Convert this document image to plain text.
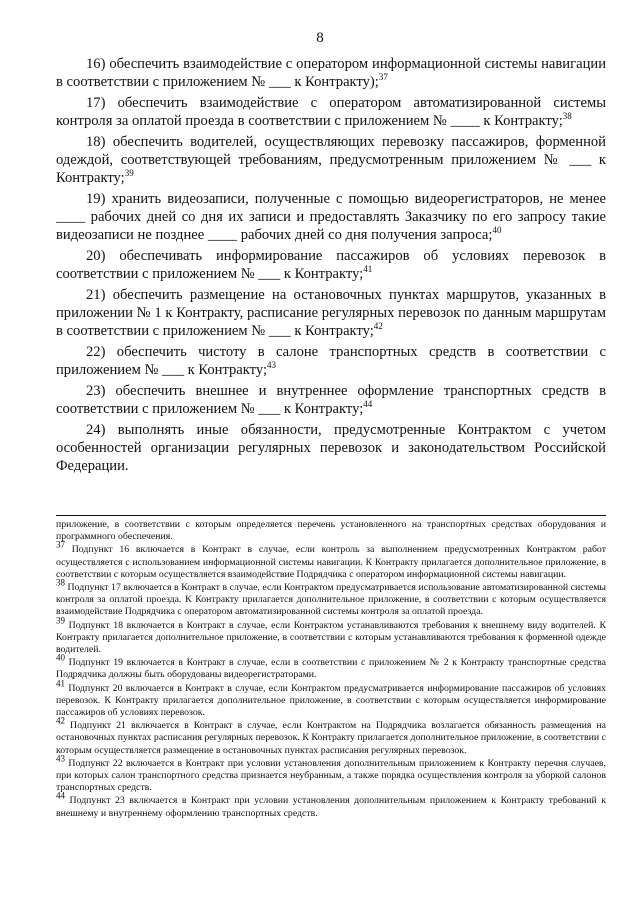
8

16) обеспечить взаимодействие с оператором информационной системы навигации в соответствии с приложением № ___ к Контракту);$^{37}$

17) обеспечить взаимодействие с оператором автоматизированной системы контроля за оплатой проезда в соответствии с приложением № ____ к Контракту;$^{38}$

18) обеспечить водителей, осуществляющих перевозку пассажиров, форменной одеждой, соответствующей требованиям, предусмотренным приложением № ___ к Контракту;$^{39}$

19) хранить видеозаписи, полученные с помощью видеорегистраторов, не менее ____ рабочих дней со дня их записи и предоставлять Заказчику по его запросу такие видеозаписи не позднее ____ рабочих дней со дня получения запроса;$^{40}$

20) обеспечивать информирование пассажиров об условиях перевозок в соответствии с приложением № ___ к Контракту;$^{41}$

21) обеспечить размещение на остановочных пунктах маршрутов, указанных в приложении № 1 к Контракту, расписание регулярных перевозок по данным маршрутам в соответствии с приложением № ___ к Контракту;$^{42}$

22) обеспечить чистоту в салоне транспортных средств в соответствии с приложением № ___ к Контракту;$^{43}$

23) обеспечить внешнее и внутреннее оформление транспортных средств в соответствии с приложением № ___ к Контракту;$^{44}$

24) выполнять иные обязанности, предусмотренные Контрактом с учетом особенностей организации регулярных перевозок и законодательством Российской Федерации.

приложение, в соответствии с которым определяется перечень установленного на транспортных средствах оборудования и программного обеспечения.

$^{37}$ Подпункт 16 включается в Контракт в случае, если контроль за выполнением предусмотренных Контрактом работ осуществляется с использованием информационной системы навигации. К Контракту прилагается дополнительное приложение, в соответствии с которым осуществляется взаимодействие Подрядчика с оператором информационной системы навигации.

$^{38}$ Подпункт 17 включается в Контракт в случае, если Контрактом предусматривается использование автоматизированной системы контроля за оплатой проезда. К Контракту прилагается дополнительное приложение, в соответствии с которым осуществляется взаимодействие Подрядчика с оператором автоматизированной системы контроля за оплатой проезда.

$^{39}$ Подпункт 18 включается в Контракт в случае, если Контрактом устанавливаются требования к внешнему виду водителей. К Контракту прилагается дополнительное приложение, в соответствии с которым устанавливаются требования к форменной одежде водителей.

$^{40}$ Подпункт 19 включается в Контракт в случае, если в соответствии с приложением № 2 к Контракту транспортные средства Подрядчика должны быть оборудованы видеорегистраторами.

$^{41}$ Подпункт 20 включается в Контракт в случае, если Контрактом предусматривается информирование пассажиров об условиях перевозок. К Контракту прилагается дополнительное приложение, в соответствии с которым осуществляется информирование пассажиров об условиях перевозок.

$^{42}$ Подпункт 21 включается в Контракт в случае, если Контрактом на Подрядчика возлагается обязанность размещения на остановочных пунктах расписания регулярных перевозок. К Контракту прилагается дополнительное приложение, в соответствии с которым осуществляется размещение в остановочных пунктах расписания регулярных перевозок.

$^{43}$ Подпункт 22 включается в Контракт при условии установления дополнительным приложением к Контракту перечня случаев, при которых салон транспортного средства признается неубранным, а также порядка осуществления контроля за уборкой салонов транспортных средств.

$^{44}$ Подпункт 23 включается в Контракт при условии установления дополнительным приложением к Контракту требований к внешнему и внутреннему оформлению транспортных средств.
